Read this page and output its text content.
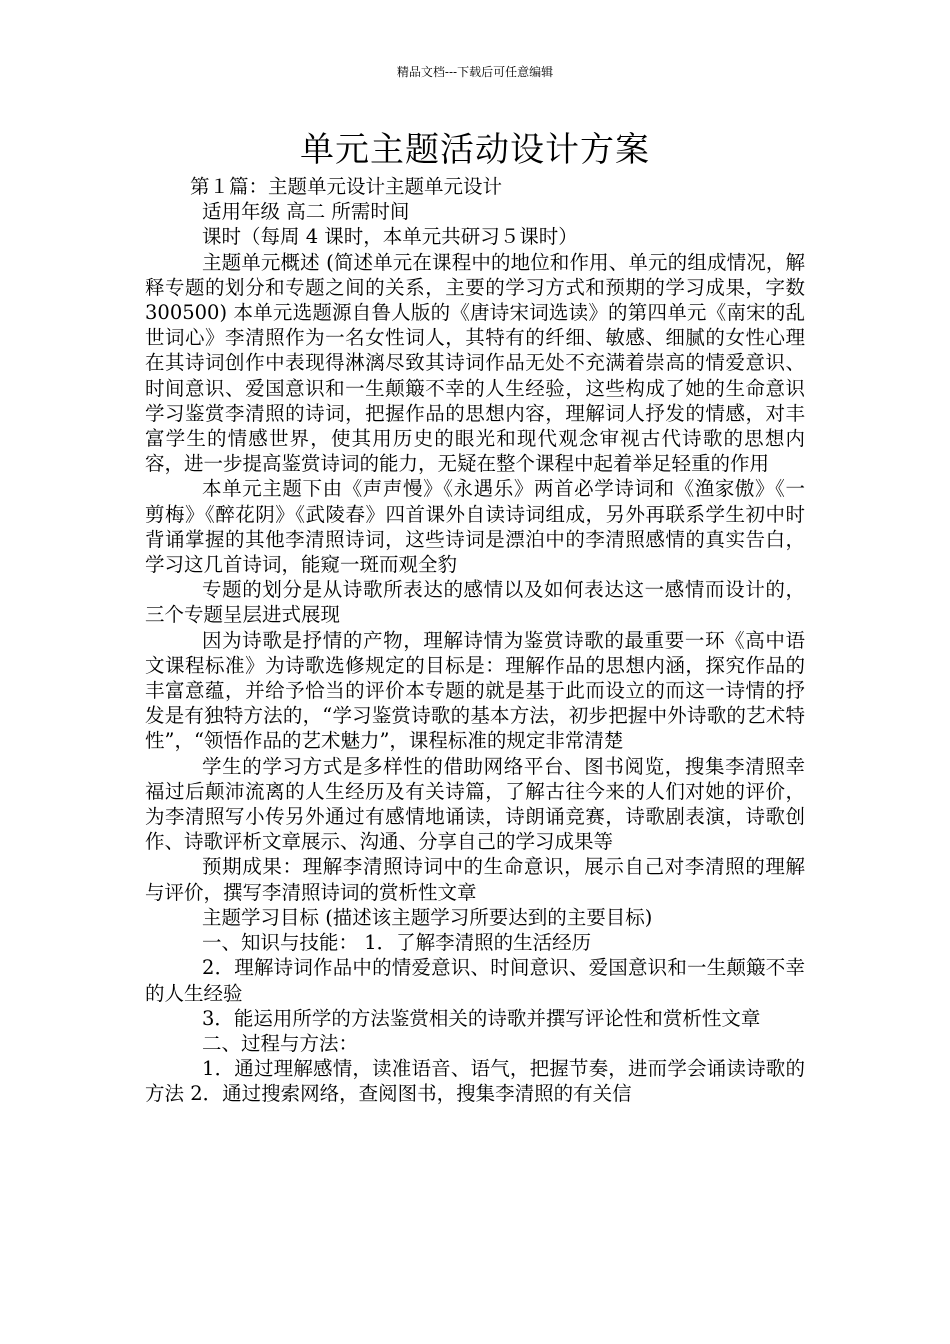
精品文档---下载后可任意编辑
单元主题活动设计方案

第１篇：主题单元设计主题单元设计

适用年级 高二 所需时间

课时（每周 4 课时，本单元共研习５课时）

主题单元概述 (简述单元在课程中的地位和作用、单元的组成情况，解释专题的划分和专题之间的关系，主要的学习方式和预期的学习成果，字数300500) 本单元选题源自鲁人版的《唐诗宋词选读》的第四单元《南宋的乱世词心》李清照作为一名女性词人，其特有的纤细、敏感、细腻的女性心理在其诗词创作中表现得淋漓尽致其诗词作品无处不充满着崇高的情爱意识、时间意识、爱国意识和一生颠簸不幸的人生经验，这些构成了她的生命意识学习鉴赏李清照的诗词，把握作品的思想内容，理解词人抒发的情感，对丰富学生的情感世界，使其用历史的眼光和现代观念审视古代诗歌的思想内容，进一步提高鉴赏诗词的能力，无疑在整个课程中起着举足轻重的作用

本单元主题下由《声声慢》《永遇乐》两首必学诗词和《渔家傲》《一剪梅》《醉花阴》《武陵春》四首课外自读诗词组成，另外再联系学生初中时背诵掌握的其他李清照诗词，这些诗词是漂泊中的李清照感情的真实告白，学习这几首诗词，能窥一斑而观全豹

专题的划分是从诗歌所表达的感情以及如何表达这一感情而设计的，三个专题呈层进式展现

因为诗歌是抒情的产物，理解诗情为鉴赏诗歌的最重要一环《高中语文课程标准》为诗歌选修规定的目标是：理解作品的思想内涵，探究作品的丰富意蕴，并给予恰当的评价本专题的就是基于此而设立的而这一诗情的抒发是有独特方法的，“学习鉴赏诗歌的基本方法，初步把握中外诗歌的艺术特性”，“领悟作品的艺术魅力”，课程标准的规定非常清楚

学生的学习方式是多样性的借助网络平台、图书阅览，搜集李清照幸福过后颠沛流离的人生经历及有关诗篇，了解古往今来的人们对她的评价，为李清照写小传另外通过有感情地诵读，诗朗诵竞赛，诗歌剧表演，诗歌创作、诗歌评析文章展示、沟通、分享自己的学习成果等

预期成果：理解李清照诗词中的生命意识，展示自己对李清照的理解与评价，撰写李清照诗词的赏析性文章

主题学习目标 (描述该主题学习所要达到的主要目标)

一、知识与技能： 1．了解李清照的生活经历

2．理解诗词作品中的情爱意识、时间意识、爱国意识和一生颠簸不幸的人生经验

3．能运用所学的方法鉴赏相关的诗歌并撰写评论性和赏析性文章

二、过程与方法：

1．通过理解感情，读准语音、语气，把握节奏，进而学会诵读诗歌的方法 2．通过搜索网络，查阅图书，搜集李清照的有关信
